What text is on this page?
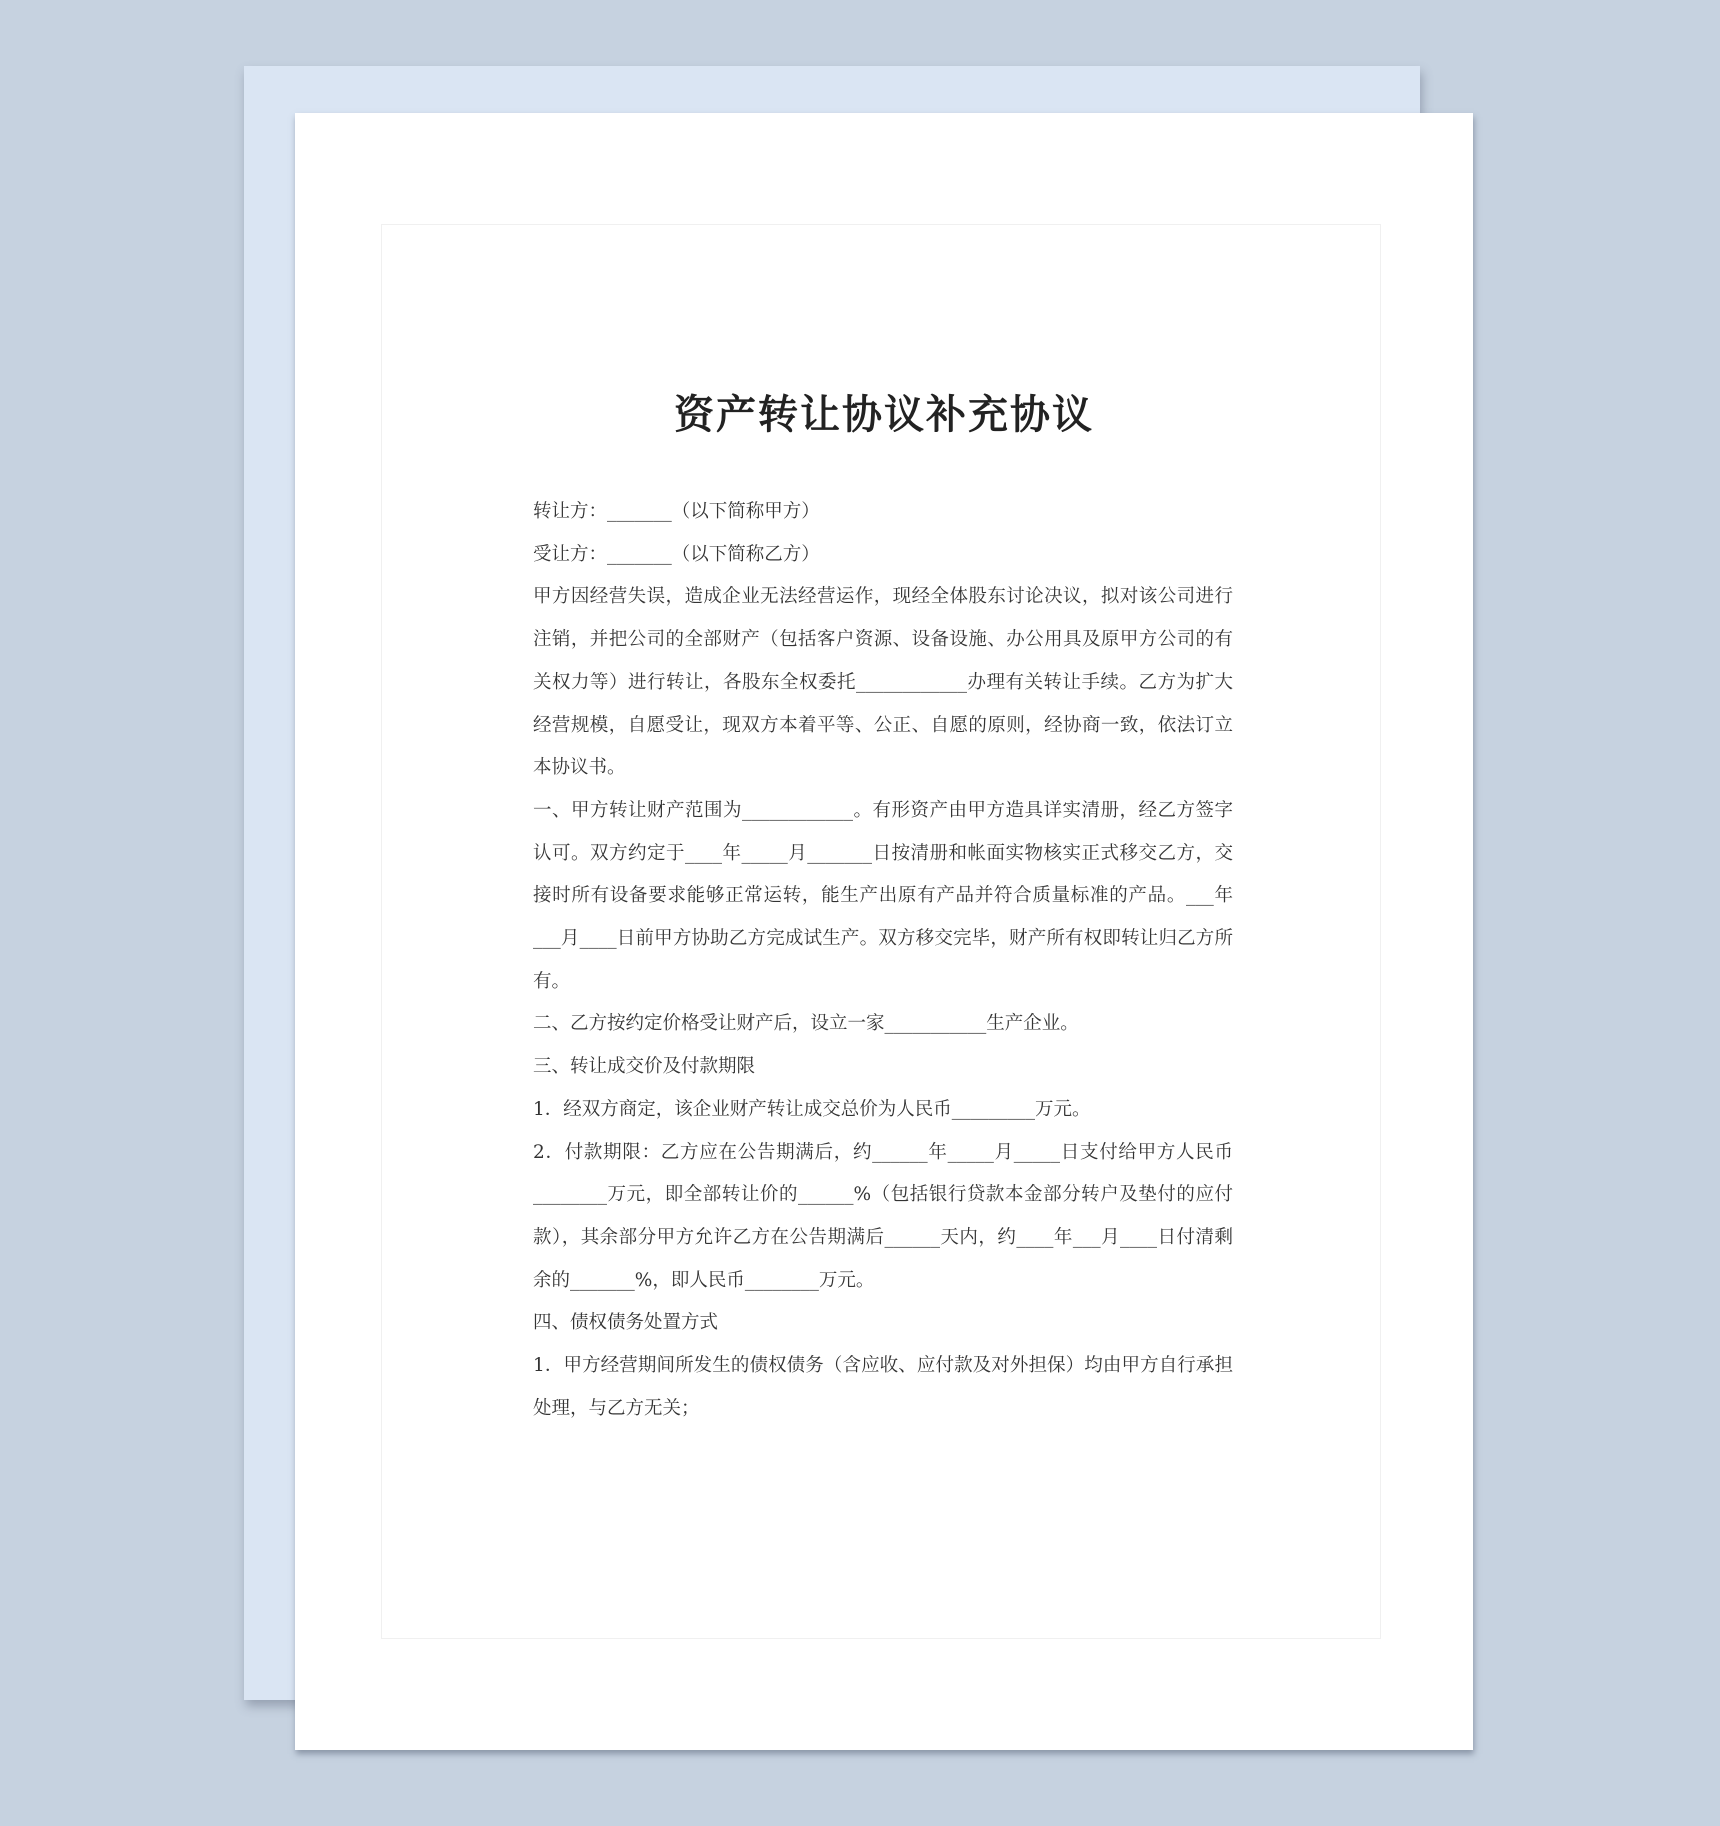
资产转让协议补充协议

转让方：_______（以下简称甲方）

受让方：_______（以下简称乙方）

甲方因经营失误，造成企业无法经营运作，现经全体股东讨论决议，拟对该公司进行注销，并把公司的全部财产（包括客户资源、设备设施、办公用具及原甲方公司的有关权力等）进行转让，各股东全权委托____________办理有关转让手续。乙方为扩大经营规模，自愿受让，现双方本着平等、公正、自愿的原则，经协商一致，依法订立本协议书。

一、甲方转让财产范围为____________。有形资产由甲方造具详实清册，经乙方签字认可。双方约定于____年_____月_______日按清册和帐面实物核实正式移交乙方，交接时所有设备要求能够正常运转，能生产出原有产品并符合质量标准的产品。___年___月____日前甲方协助乙方完成试生产。双方移交完毕，财产所有权即转让归乙方所有。

二、乙方按约定价格受让财产后，设立一家___________生产企业。

三、转让成交价及付款期限

1．经双方商定，该企业财产转让成交总价为人民币_________万元。

2．付款期限：乙方应在公告期满后，约______年_____月_____日支付给甲方人民币________万元，即全部转让价的______%（包括银行贷款本金部分转户及垫付的应付款），其余部分甲方允许乙方在公告期满后______天内，约____年___月____日付清剩余的_______%，即人民币________万元。

四、债权债务处置方式

1．甲方经营期间所发生的债权债务（含应收、应付款及对外担保）均由甲方自行承担处理，与乙方无关；
